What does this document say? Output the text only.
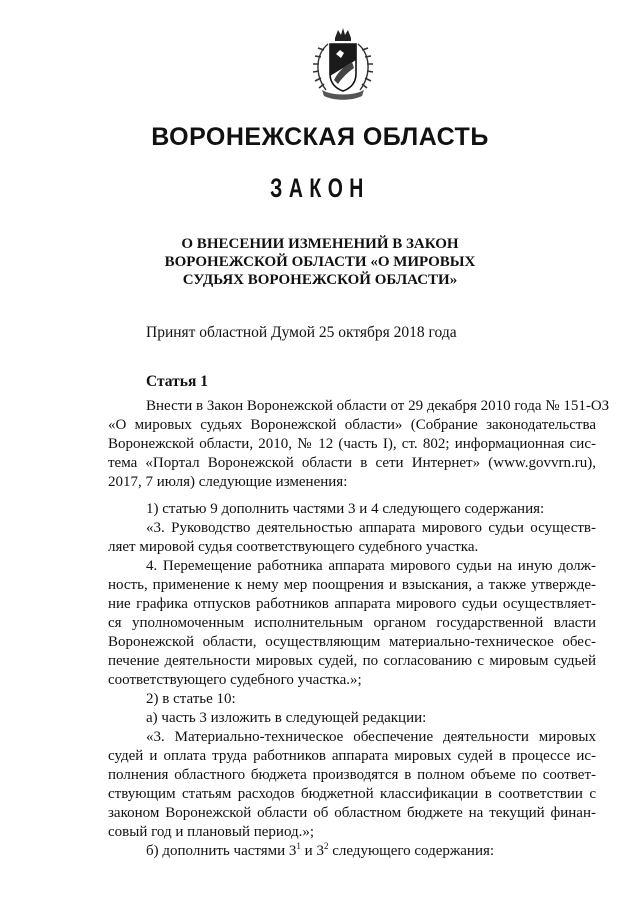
ВОРОНЕЖСКАЯ ОБЛАСТЬ
ЗАКОН
О ВНЕСЕНИИ ИЗМЕНЕНИЙ В ЗАКОН
ВОРОНЕЖСКОЙ ОБЛАСТИ «О МИРОВЫХ
СУДЬЯХ ВОРОНЕЖСКОЙ ОБЛАСТИ»
Принят областной Думой 25 октября 2018 года
Статья 1
Внести в Закон Воронежской области от 29 декабря 2010 года № 151-ОЗ
«О мировых судьях Воронежской области» (Собрание законодательства
Воронежской области, 2010, № 12 (часть I), ст. 802; информационная сис-
тема «Портал Воронежской области в сети Интернет» (www.govvrn.ru),
2017, 7 июля) следующие изменения:
1) статью 9 дополнить частями 3 и 4 следующего содержания:
«3. Руководство деятельностью аппарата мирового судьи осуществ-
ляет мировой судья соответствующего судебного участка.
4. Перемещение работника аппарата мирового судьи на иную долж-
ность, применение к нему мер поощрения и взыскания, а также утвержде-
ние графика отпусков работников аппарата мирового судьи осуществляет-
ся уполномоченным исполнительным органом государственной власти
Воронежской области, осуществляющим материально-техническое обес-
печение деятельности мировых судей, по согласованию с мировым судьей
соответствующего судебного участка.»;
2) в статье 10:
а) часть 3 изложить в следующей редакции:
«3. Материально-техническое обеспечение деятельности мировых
судей и оплата труда работников аппарата мировых судей в процессе ис-
полнения областного бюджета производятся в полном объеме по соответ-
ствующим статьям расходов бюджетной классификации в соответствии с
законом Воронежской области об областном бюджете на текущий финан-
совый год и плановый период.»;
б) дополнить частями $3^1$ и $3^2$ следующего содержания:
